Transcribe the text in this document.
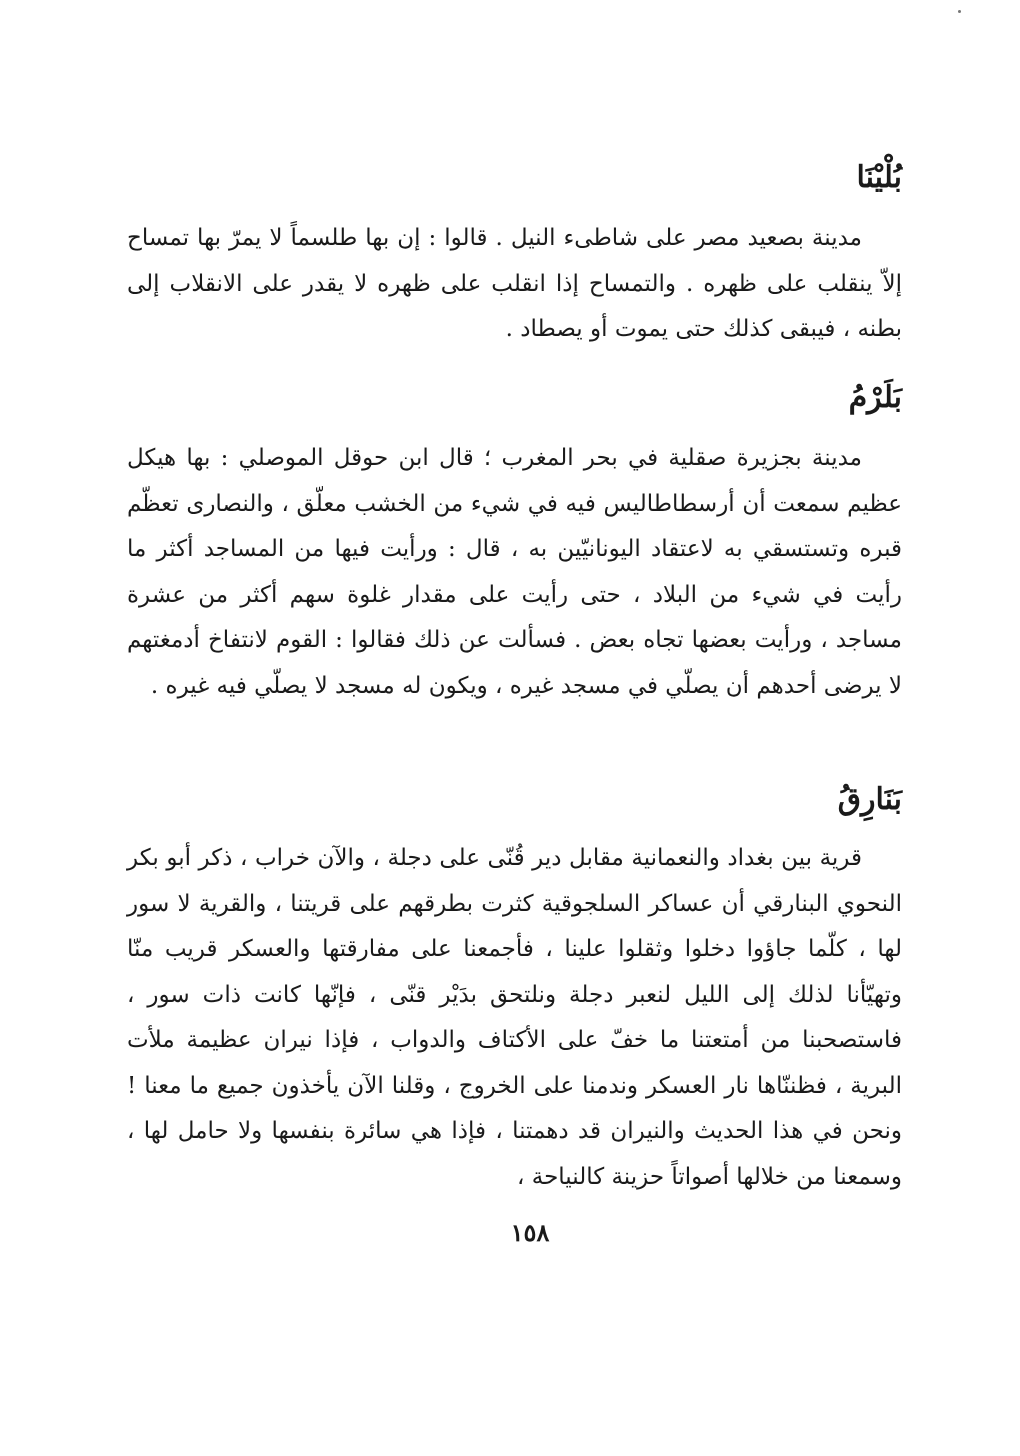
بُلْيْنَا

مدينة بصعيد مصر على شاطىء النيل . قالوا : إن بها طلسماً لا يمرّ بها تمساح إلاّ ينقلب على ظهره . والتمساح إذا انقلب على ظهره لا يقدر على الانقلاب إلى بطنه ، فيبقى كذلك حتى يموت أو يصطاد .

بَلَرْمُ

مدينة بجزيرة صقلية في بحر المغرب ؛ قال ابن حوقل الموصلي : بها هيكل عظيم سمعت أن أرسطاطاليس فيه في شيء من الخشب معلّق ، والنصارى تعظّم قبره وتستسقي به لاعتقاد اليونانيّين به ، قال : ورأيت فيها من المساجد أكثر ما رأيت في شيء من البلاد ، حتى رأيت على مقدار غلوة سهم أكثر من عشرة مساجد ، ورأيت بعضها تجاه بعض . فسألت عن ذلك فقالوا : القوم لانتفاخ أدمغتهم لا يرضى أحدهم أن يصلّي في مسجد غيره ، ويكون له مسجد لا يصلّي فيه غيره .

بَنَارِقُ

قرية بين بغداد والنعمانية مقابل دير قُنّى على دجلة ، والآن خراب ، ذكر أبو بكر النحوي البنارقي أن عساكر السلجوقية كثرت بطرقهم على قريتنا ، والقرية لا سور لها ، كلّما جاؤوا دخلوا وثقلوا علينا ، فأجمعنا على مفارقتها والعسكر قريب منّا وتهيّأنا لذلك إلى الليل لنعبر دجلة ونلتحق بدَيْر قنّى ، فإنّها كانت ذات سور ، فاستصحبنا من أمتعتنا ما خفّ على الأكتاف والدواب ، فإذا نيران عظيمة ملأت البرية ، فظننّاها نار العسكر وندمنا على الخروج ، وقلنا الآن يأخذون جميع ما معنا ! ونحن في هذا الحديث والنيران قد دهمتنا ، فإذا هي سائرة بنفسها ولا حامل لها ، وسمعنا من خلالها أصواتاً حزينة كالنياحة ،

١٥٨
